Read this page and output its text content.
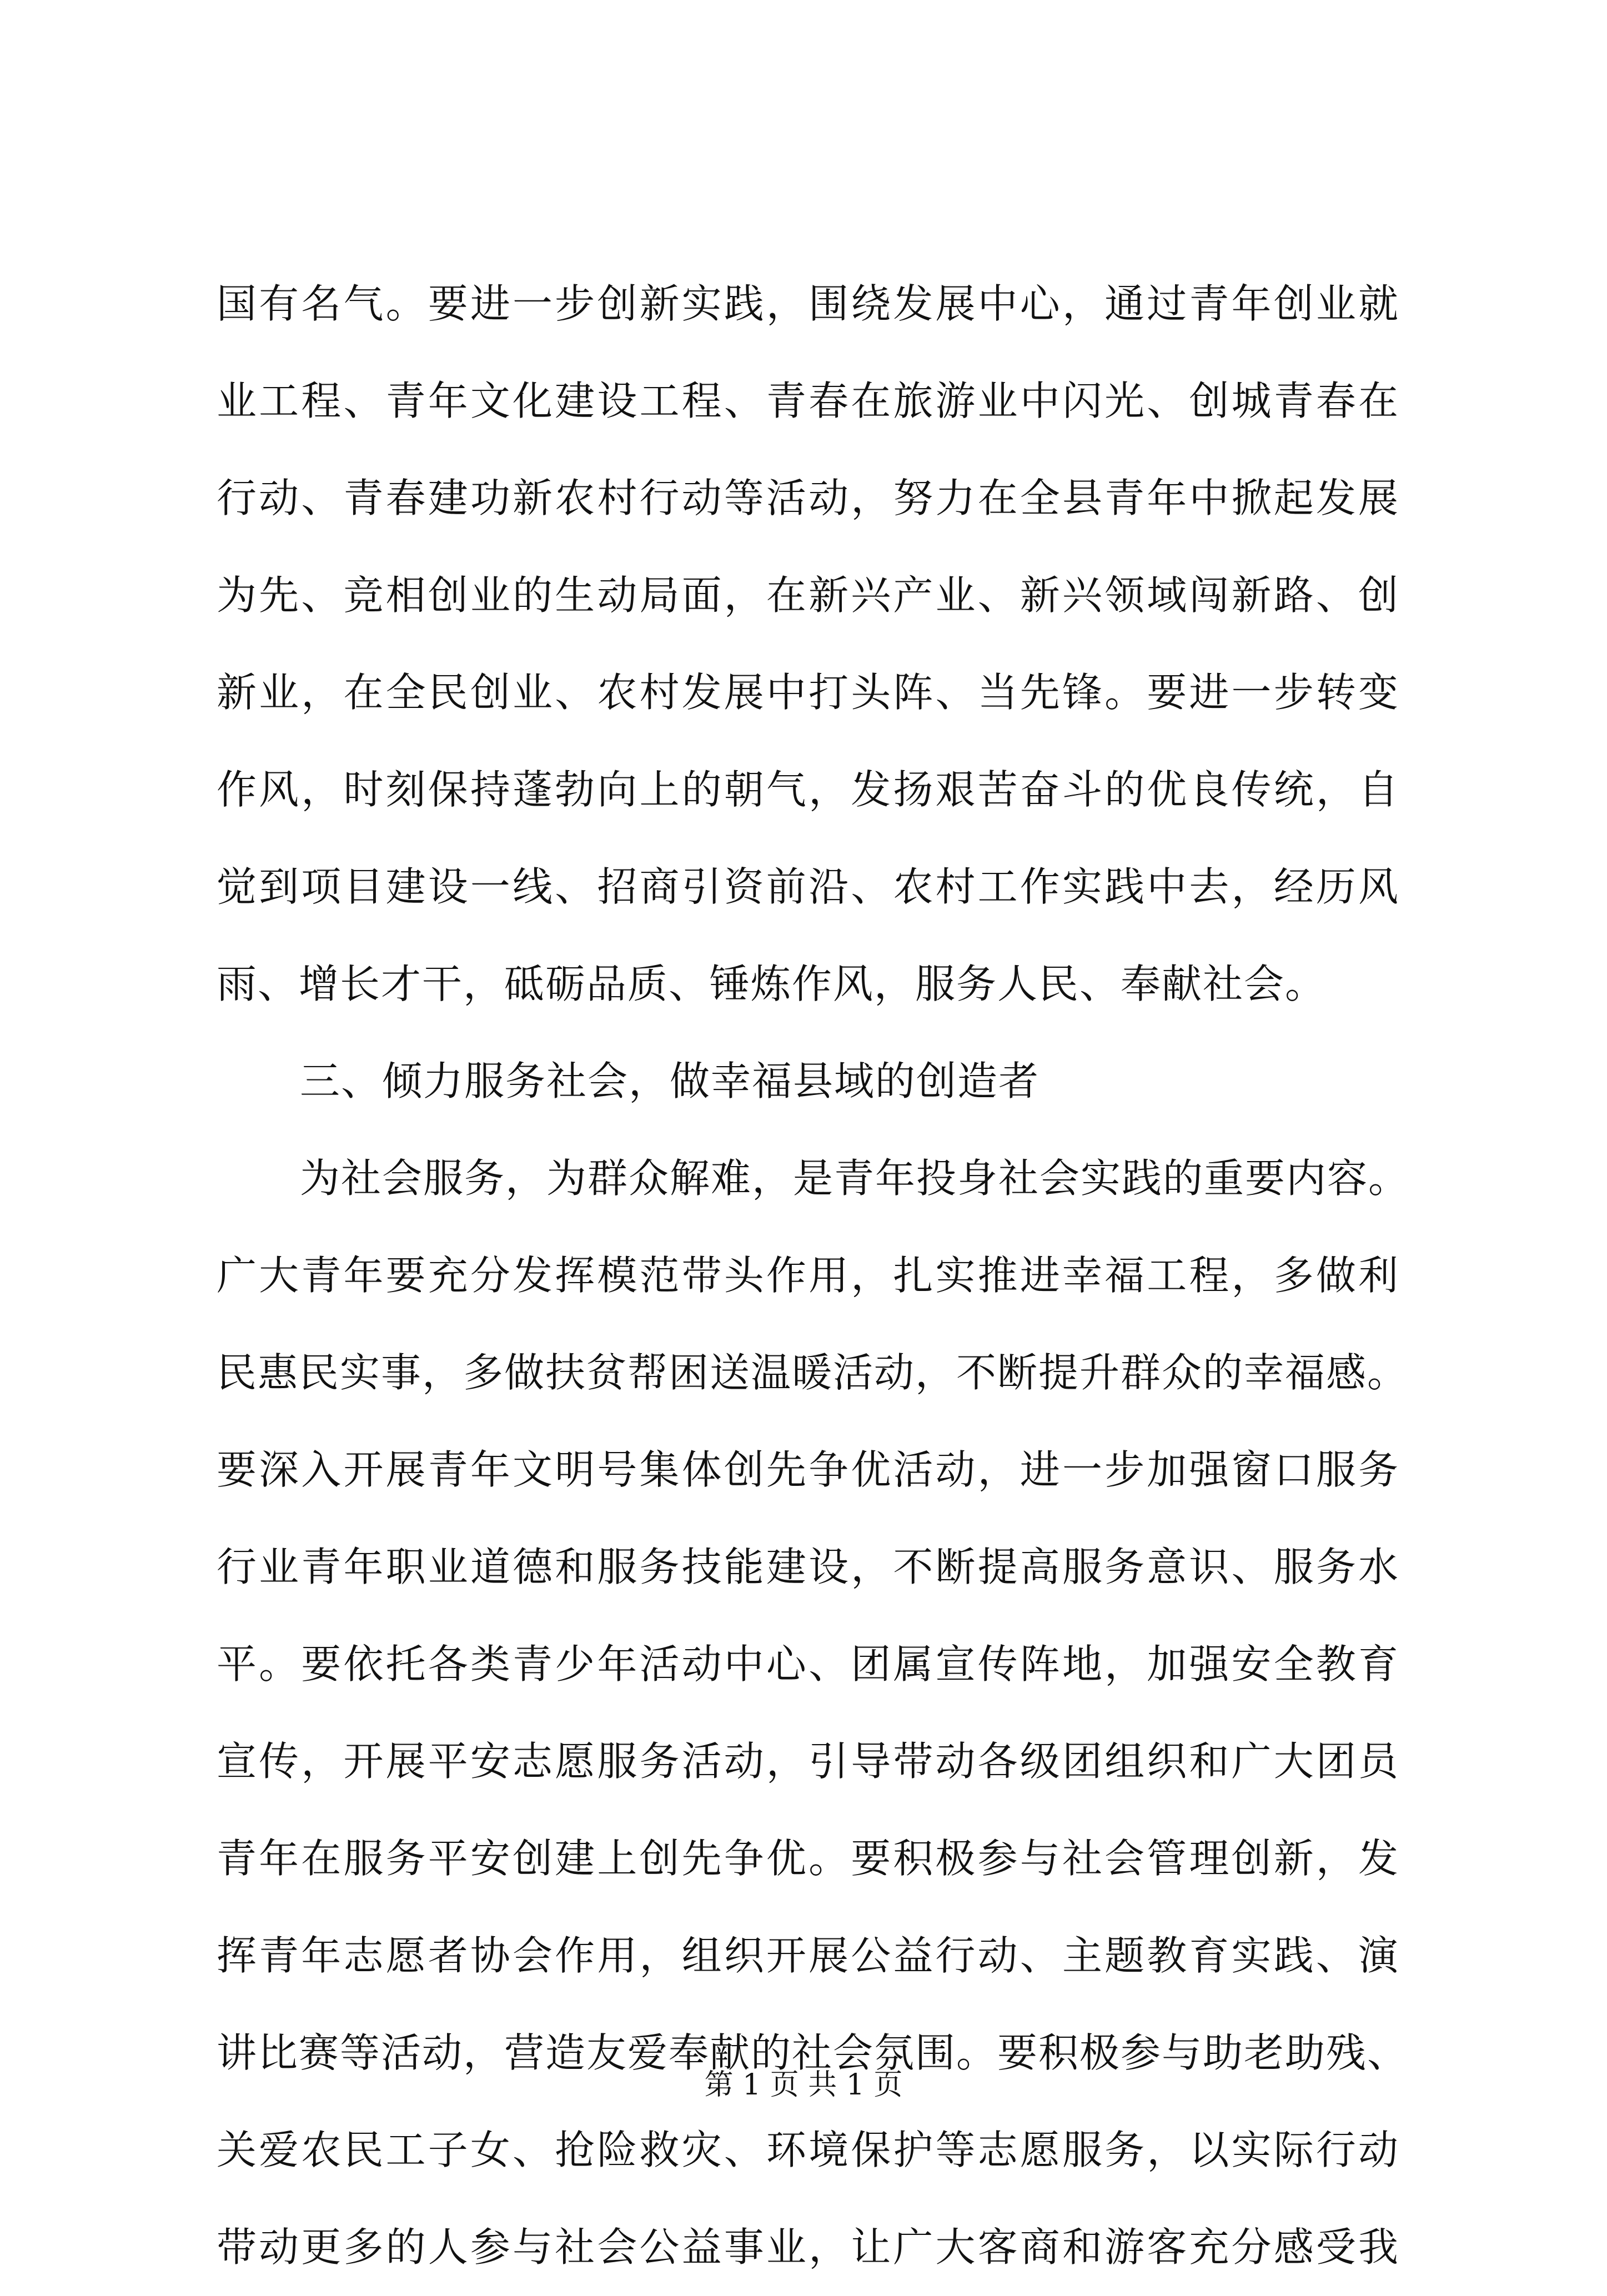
国有名气。要进一步创新实践，围绕发展中心，通过青年创业就
业工程、青年文化建设工程、青春在旅游业中闪光、创城青春在
行动、青春建功新农村行动等活动，努力在全县青年中掀起发展
为先、竞相创业的生动局面，在新兴产业、新兴领域闯新路、创
新业，在全民创业、农村发展中打头阵、当先锋。要进一步转变
作风，时刻保持蓬勃向上的朝气，发扬艰苦奋斗的优良传统，自
觉到项目建设一线、招商引资前沿、农村工作实践中去，经历风
雨、增长才干，砥砺品质、锤炼作风，服务人民、奉献社会。
三、倾力服务社会，做幸福县域的创造者
为社会服务，为群众解难，是青年投身社会实践的重要内容。
广大青年要充分发挥模范带头作用，扎实推进幸福工程，多做利
民惠民实事，多做扶贫帮困送温暖活动，不断提升群众的幸福感。
要深入开展青年文明号集体创先争优活动，进一步加强窗口服务
行业青年职业道德和服务技能建设，不断提高服务意识、服务水
平。要依托各类青少年活动中心、团属宣传阵地，加强安全教育
宣传，开展平安志愿服务活动，引导带动各级团组织和广大团员
青年在服务平安创建上创先争优。要积极参与社会管理创新，发
挥青年志愿者协会作用，组织开展公益行动、主题教育实践、演
讲比赛等活动，营造友爱奉献的社会氛围。要积极参与助老助残、
关爱农民工子女、抢险救灾、环境保护等志愿服务，以实际行动
带动更多的人参与社会公益事业，让广大客商和游客充分感受我
第 1 页 共 1 页
